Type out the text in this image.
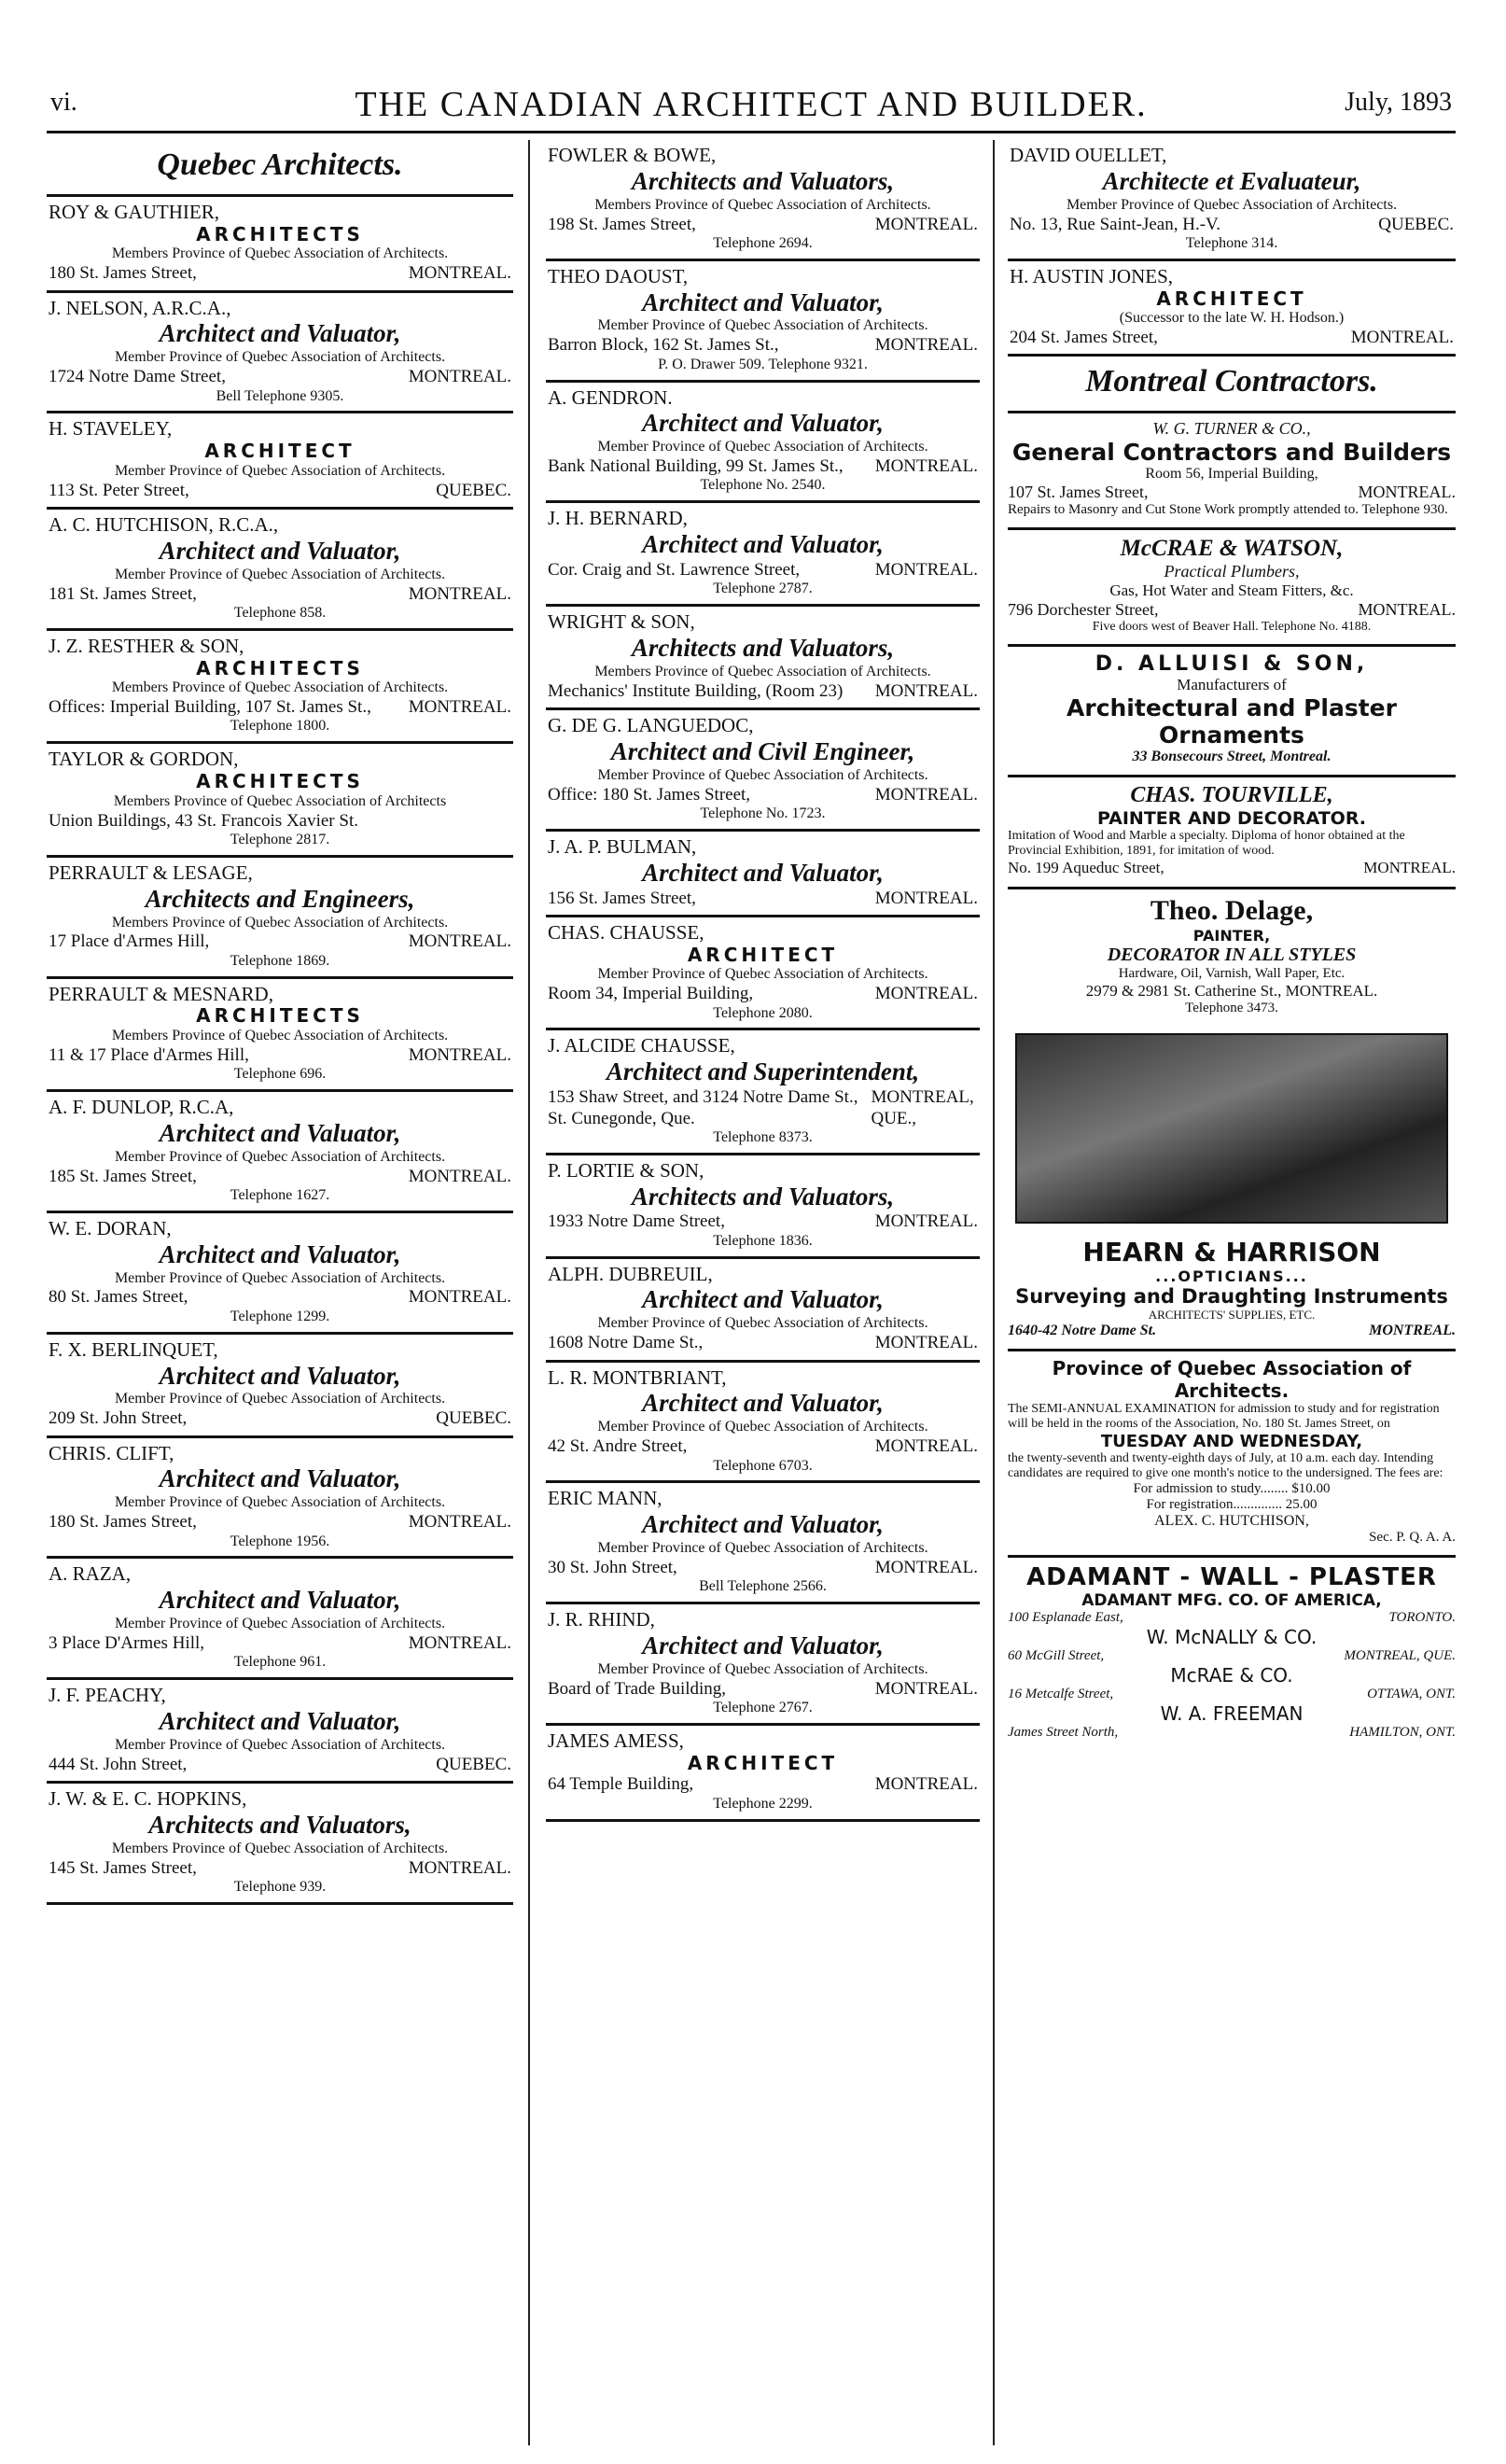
vi.	THE CANADIAN ARCHITECT AND BUILDER.	July, 1893
Quebec Architects.
ROY & GAUTHIER,
ARCHITECTS
Members Province of Quebec Association of Architects.
180 St. James Street,	MONTREAL.
J. NELSON, A.R.C.A.,
Architect and Valuator,
Member Province of Quebec Association of Architects.
1724 Notre Dame Street,	MONTREAL.
Bell Telephone 9305.
H. STAVELEY,
ARCHITECT
Member Province of Quebec Association of Architects.
113 St. Peter Street,	QUEBEC.
A. C. HUTCHISON, R.C.A.,
Architect and Valuator,
Member Province of Quebec Association of Architects.
181 St. James Street,	MONTREAL.
Telephone 858.
J. Z. RESTHER & SON,
ARCHITECTS
Members Province of Quebec Association of Architects.
Offices: Imperial Building, 107 St. James St., MONTREAL.
Telephone 1800.
TAYLOR & GORDON,
ARCHITECTS
Members Province of Quebec Association of Architects
Union Buildings, 43 St. Francois Xavier St.
Telephone 2817.
PERRAULT & LESAGE,
Architects and Engineers,
Members Province of Quebec Association of Architects.
17 Place d'Armes Hill,	MONTREAL.
Telephone 1869.
PERRAULT & MESNARD,
ARCHITECTS
Members Province of Quebec Association of Architects.
11 & 17 Place d'Armes Hill,	MONTREAL.
Telephone 696.
A. F. DUNLOP, R.C.A,
Architect and Valuator,
Member Province of Quebec Association of Architects.
185 St. James Street,	MONTREAL.
Telephone 1627.
W. E. DORAN,
Architect and Valuator,
Member Province of Quebec Association of Architects.
80 St. James Street,	MONTREAL.
Telephone 1299.
F. X. BERLINQUET,
Architect and Valuator,
Member Province of Quebec Association of Architects.
209 St. John Street,	QUEBEC.
CHRIS. CLIFT,
Architect and Valuator,
Member Province of Quebec Association of Architects.
180 St. James Street,	MONTREAL.
Telephone 1956.
A. RAZA,
Architect and Valuator,
Member Province of Quebec Association of Architects.
3 Place D'Armes Hill,	MONTREAL.
Telephone 961.
J. F. PEACHY,
Architect and Valuator,
Member Province of Quebec Association of Architects.
444 St. John Street,	QUEBEC.
J. W. & E. C. HOPKINS,
Architects and Valuators,
Members Province of Quebec Association of Architects.
145 St. James Street,	MONTREAL.
Telephone 939.
FOWLER & BOWE,
Architects and Valuators,
Members Province of Quebec Association of Architects.
198 St. James Street,	MONTREAL.
Telephone 2694.
THEO DAOUST,
Architect and Valuator,
Member Province of Quebec Association of Architects.
Barron Block, 162 St. James St.,	MONTREAL.
P. O. Drawer 509. Telephone 9321.
A. GENDRON.
Architect and Valuator,
Member Province of Quebec Association of Architects.
Bank National Building, 99 St. James St., MONTREAL.
Telephone No. 2540.
J. H. BERNARD,
Architect and Valuator,
Cor. Craig and St. Lawrence Street,	MONTREAL.
Telephone 2787.
WRIGHT & SON,
Architects and Valuators,
Members Province of Quebec Association of Architects.
Mechanics' Institute Building, (Room 23) MONTREAL.
G. DE G. LANGUEDOC,
Architect and Civil Engineer,
Member Province of Quebec Association of Architects.
Office: 180 St. James Street,	MONTREAL.
Telephone No. 1723.
J. A. P. BULMAN,
Architect and Valuator,
156 St. James Street,	MONTREAL.
CHAS. CHAUSSE,
ARCHITECT
Member Province of Quebec Association of Architects.
Room 34, Imperial Building,	MONTREAL.
Telephone 2080.
J. ALCIDE CHAUSSE,
Architect and Superintendent,
153 Shaw Street, and 3124 Notre Dame St., St. Cunegonde, Que.
MONTREAL, QUE.,
Telephone 8373.
P. LORTIE & SON,
Architects and Valuators,
1933 Notre Dame Street,	MONTREAL.
Telephone 1836.
ALPH. DUBREUIL,
Architect and Valuator,
Member Province of Quebec Association of Architects.
1608 Notre Dame St.,	MONTREAL.
L. R. MONTBRIANT,
Architect and Valuator,
Member Province of Quebec Association of Architects.
42 St. Andre Street,	MONTREAL.
Telephone 6703.
ERIC MANN,
Architect and Valuator,
Member Province of Quebec Association of Architects.
30 St. John Street,	MONTREAL.
Bell Telephone 2566.
J. R. RHIND,
Architect and Valuator,
Member Province of Quebec Association of Architects.
Board of Trade Building,	MONTREAL.
Telephone 2767.
JAMES AMESS,
ARCHITECT
64 Temple Building,	MONTREAL.
Telephone 2299.
DAVID OUELLET,
Architecte et Evaluateur,
Member Province of Quebec Association of Architects.
No. 13, Rue Saint-Jean, H.-V.	QUEBEC.
Telephone 314.
H. AUSTIN JONES,
ARCHITECT
(Successor to the late W. H. Hodson.)
204 St. James Street,	MONTREAL.
Montreal Contractors.
W. G. TURNER & CO.,
General Contractors and Builders
Room 56, Imperial Building,
107 St. James Street,	MONTREAL.
Repairs to Masonry and Cut Stone Work promptly attended to. Telephone 930.
McCRAE & WATSON,
Practical Plumbers,
Gas, Hot Water and Steam Fitters, &c.
796 Dorchester Street,	MONTREAL.
Five doors west of Beaver Hall. Telephone No. 4188.
D. ALLUISI & SON,
Manufacturers of
Architectural and Plaster Ornaments
33 Bonsecours Street, Montreal.
CHAS. TOURVILLE,
PAINTER AND DECORATOR.
Imitation of Wood and Marble a specialty. Diploma of honor obtained at the Provincial Exhibition, 1891, for imitation of wood.
No. 199 Aqueduc Street,	MONTREAL.
Theo. Delage,
PAINTER,
DECORATOR IN ALL STYLES
Hardware, Oil, Varnish, Wall Paper, Etc.
2979 & 2981 St. Catherine St., MONTREAL.
Telephone 3473.
HEARN & HARRISON
...OPTICIANS...
Surveying and Draughting Instruments
ARCHITECTS' SUPPLIES, ETC.
1640-42 Notre Dame St.	MONTREAL.
Province of Quebec Association of Architects.
The SEMI-ANNUAL EXAMINATION for admission to study and for registration will be held in the rooms of the Association, No. 180 St. James Street, on
TUESDAY AND WEDNESDAY,
the twenty-seventh and twenty-eighth days of July, at 10 a.m. each day. Intending candidates are required to give one month's notice to the undersigned. The fees are:
For admission to study........ $10.00
For registration.............. 25.00
ALEX. C. HUTCHISON,
Sec. P. Q. A. A.
ADAMANT - WALL - PLASTER
ADAMANT MFG. CO. OF AMERICA,
100 Esplanade East,	TORONTO.
W. McNALLY & CO.
60 McGill Street,	MONTREAL, QUE.
McRAE & CO.
16 Metcalfe Street,	OTTAWA, ONT.
W. A. FREEMAN
James Street North,	HAMILTON, ONT.
